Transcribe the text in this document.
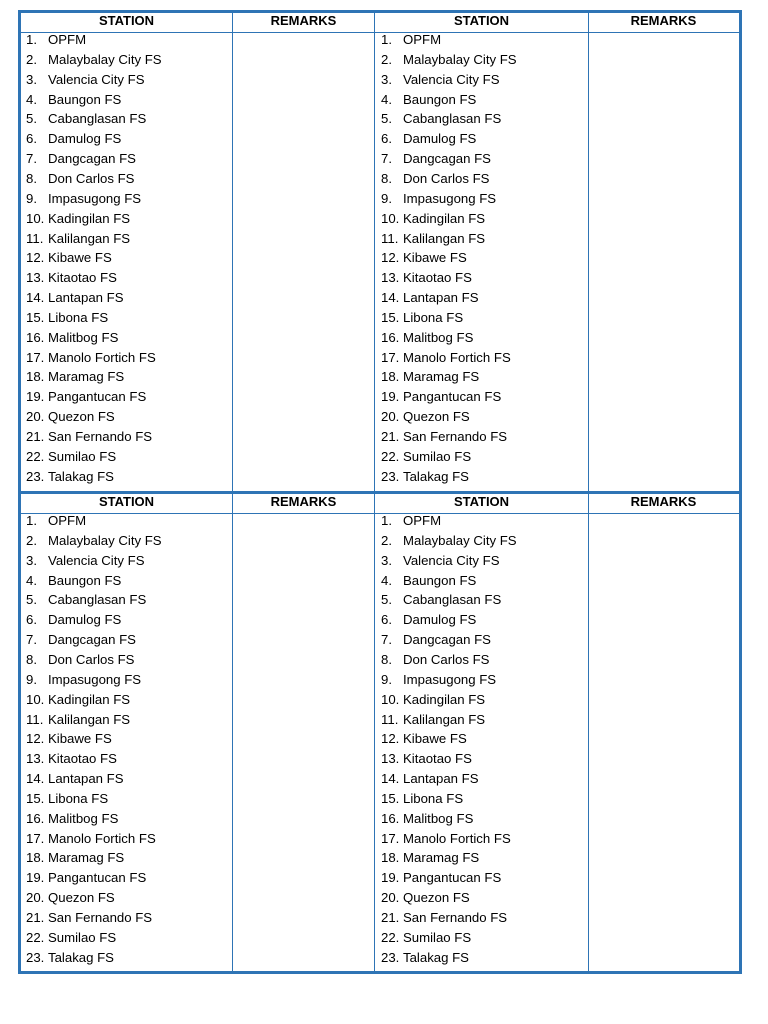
STATION	REMARKS
1. OPFM
2. Malaybalay City FS
3. Valencia City FS
4. Baungon FS
5. Cabanglasan FS
6. Damulog FS
7. Dangcagan FS
8. Don Carlos FS
9. Impasugong FS
10. Kadingilan FS
11. Kalilangan FS
12. Kibawe FS
13. Kitaotao FS
14. Lantapan FS
15. Libona FS
16. Malitbog FS
17. Manolo Fortich FS
18. Maramag FS
19. Pangantucan FS
20. Quezon FS
21. San Fernando FS
22. Sumilao FS
23. Talakag FS
STATION	REMARKS
1. OPFM
2. Malaybalay City FS
3. Valencia City FS
4. Baungon FS
5. Cabanglasan FS
6. Damulog FS
7. Dangcagan FS
8. Don Carlos FS
9. Impasugong FS
10. Kadingilan FS
11. Kalilangan FS
12. Kibawe FS
13. Kitaotao FS
14. Lantapan FS
15. Libona FS
16. Malitbog FS
17. Manolo Fortich FS
18. Maramag FS
19. Pangantucan FS
20. Quezon FS
21. San Fernando FS
22. Sumilao FS
23. Talakag FS
STATION	REMARKS
1. OPFM
2. Malaybalay City FS
3. Valencia City FS
4. Baungon FS
5. Cabanglasan FS
6. Damulog FS
7. Dangcagan FS
8. Don Carlos FS
9. Impasugong FS
10. Kadingilan FS
11. Kalilangan FS
12. Kibawe FS
13. Kitaotao FS
14. Lantapan FS
15. Libona FS
16. Malitbog FS
17. Manolo Fortich FS
18. Maramag FS
19. Pangantucan FS
20. Quezon FS
21. San Fernando FS
22. Sumilao FS
23. Talakag FS
STATION	REMARKS
1. OPFM
2. Malaybalay City FS
3. Valencia City FS
4. Baungon FS
5. Cabanglasan FS
6. Damulog FS
7. Dangcagan FS
8. Don Carlos FS
9. Impasugong FS
10. Kadingilan FS
11. Kalilangan FS
12. Kibawe FS
13. Kitaotao FS
14. Lantapan FS
15. Libona FS
16. Malitbog FS
17. Manolo Fortich FS
18. Maramag FS
19. Pangantucan FS
20. Quezon FS
21. San Fernando FS
22. Sumilao FS
23. Talakag FS
